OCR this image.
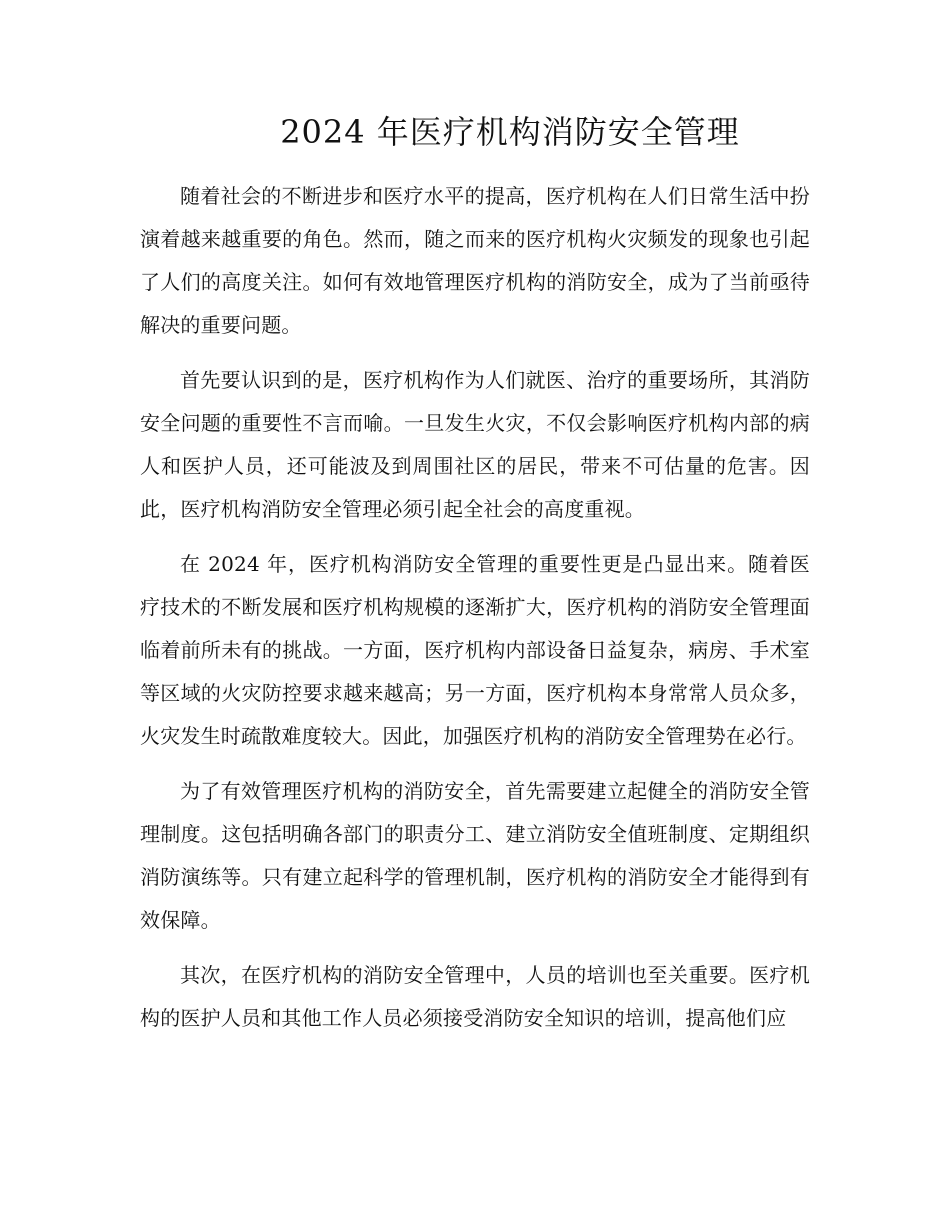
2024 年医疗机构消防安全管理

随着社会的不断进步和医疗水平的提高，医疗机构在人们日常生活中扮演着越来越重要的角色。然而，随之而来的医疗机构火灾频发的现象也引起了人们的高度关注。如何有效地管理医疗机构的消防安全，成为了当前亟待解决的重要问题。

首先要认识到的是，医疗机构作为人们就医、治疗的重要场所，其消防安全问题的重要性不言而喻。一旦发生火灾，不仅会影响医疗机构内部的病人和医护人员，还可能波及到周围社区的居民，带来不可估量的危害。因此，医疗机构消防安全管理必须引起全社会的高度重视。

在 2024 年，医疗机构消防安全管理的重要性更是凸显出来。随着医疗技术的不断发展和医疗机构规模的逐渐扩大，医疗机构的消防安全管理面临着前所未有的挑战。一方面，医疗机构内部设备日益复杂，病房、手术室等区域的火灾防控要求越来越高；另一方面，医疗机构本身常常人员众多，火灾发生时疏散难度较大。因此，加强医疗机构的消防安全管理势在必行。

为了有效管理医疗机构的消防安全，首先需要建立起健全的消防安全管理制度。这包括明确各部门的职责分工、建立消防安全值班制度、定期组织消防演练等。只有建立起科学的管理机制，医疗机构的消防安全才能得到有效保障。

其次，在医疗机构的消防安全管理中，人员的培训也至关重要。医疗机构的医护人员和其他工作人员必须接受消防安全知识的培训，提高他们应
